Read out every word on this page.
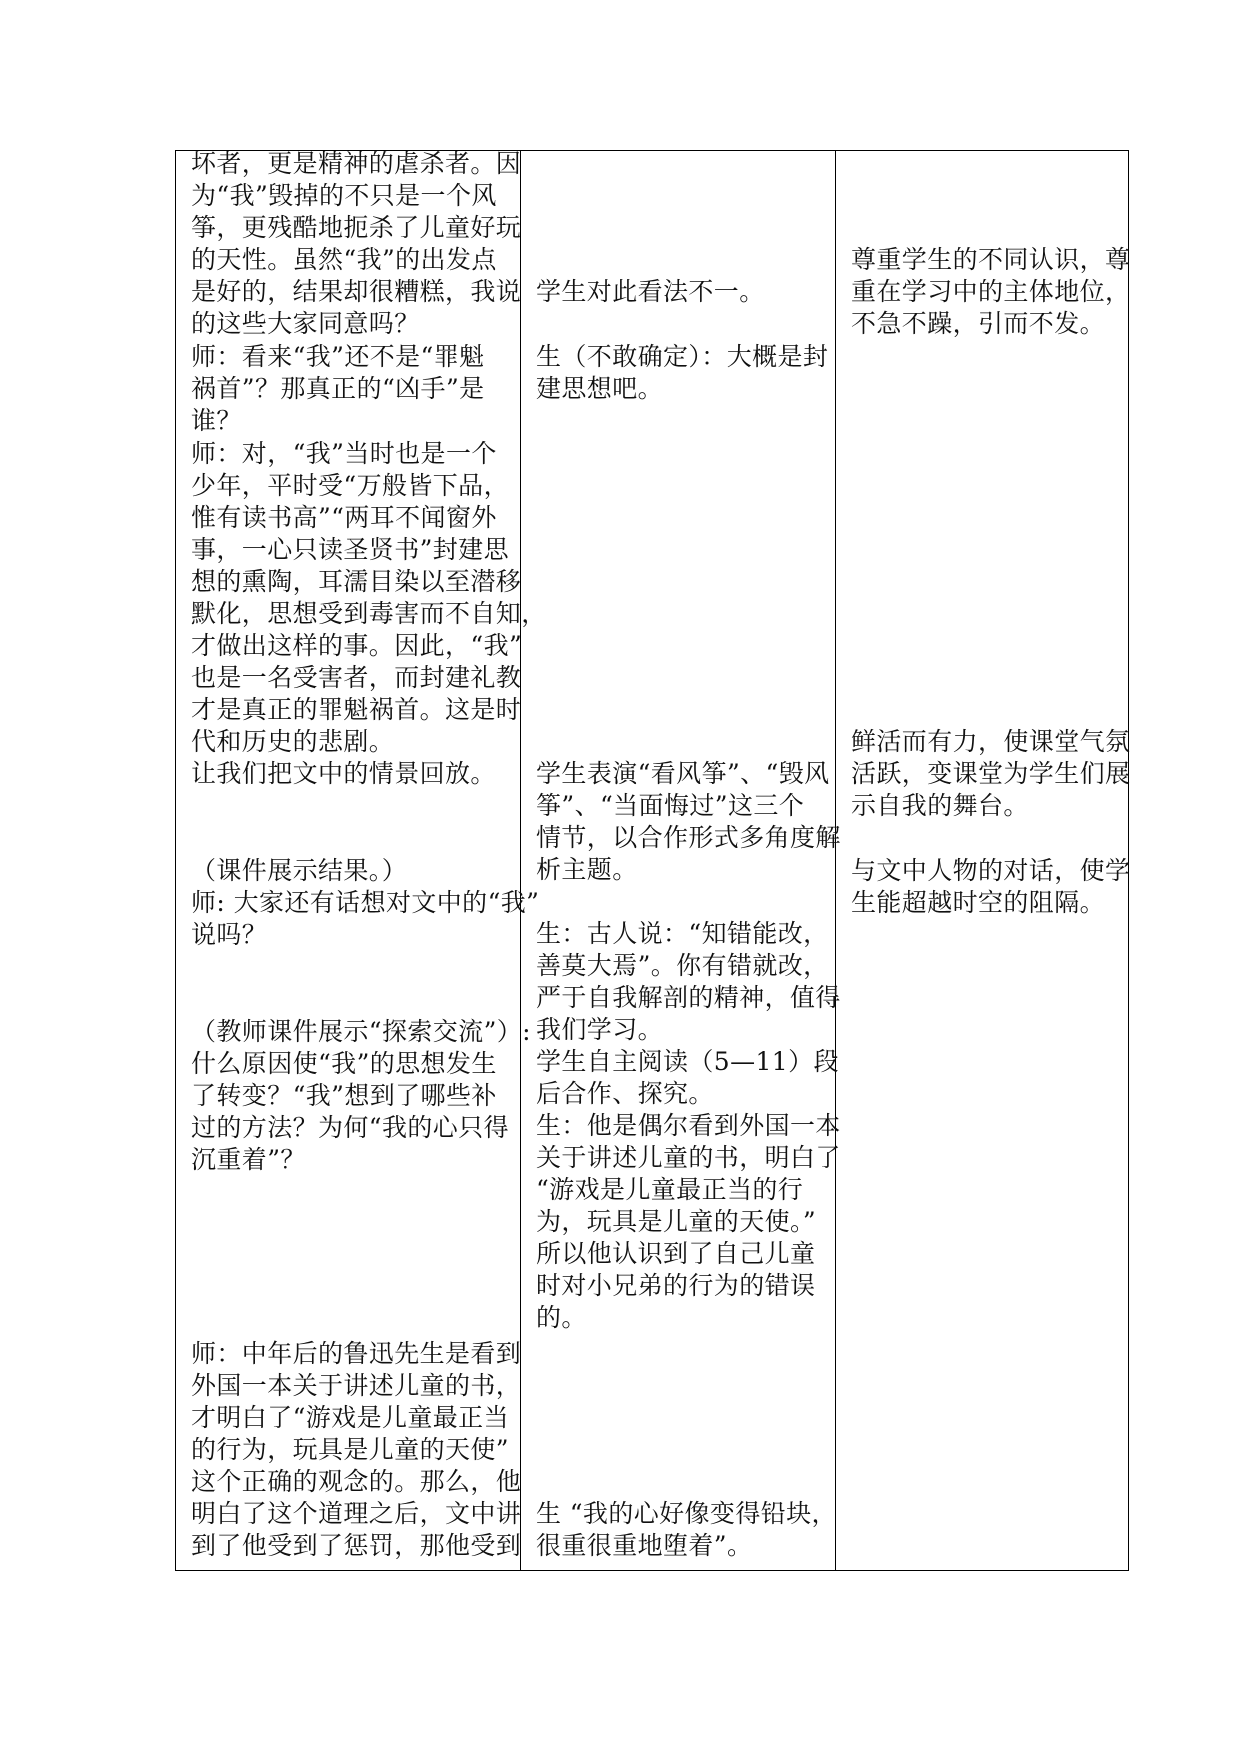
坏者，更是精神的虐杀者。因
为“我”毁掉的不只是一个风
筝，更残酷地扼杀了儿童好玩
的天性。虽然“我”的出发点
是好的，结果却很糟糕，我说
的这些大家同意吗？
师：看来“我”还不是“罪魁
祸首”？那真正的“凶手”是
谁？
师：对，“我”当时也是一个
少年，平时受“万般皆下品，
惟有读书高”“两耳不闻窗外
事，一心只读圣贤书”封建思
想的熏陶，耳濡目染以至潜移
默化，思想受到毒害而不自知，
才做出这样的事。因此，“我”
也是一名受害者，而封建礼教
才是真正的罪魁祸首。这是时
代和历史的悲剧。
让我们把文中的情景回放。
（课件展示结果。）
师: 大家还有话想对文中的“我”
说吗？
（教师课件展示“探索交流”）:
什么原因使“我”的思想发生
了转变？“我”想到了哪些补
过的方法？为何“我的心只得
沉重着”？
师：中年后的鲁迅先生是看到
外国一本关于讲述儿童的书，
才明白了“游戏是儿童最正当
的行为，玩具是儿童的天使”
这个正确的观念的。那么，他
明白了这个道理之后，文中讲
到了他受到了惩罚，那他受到
学生对此看法不一。
生（不敢确定）：大概是封
建思想吧。
学生表演“看风筝”、“毁风
筝”、“当面悔过”这三个
情节，以合作形式多角度解
析主题。
生：古人说：“知错能改，
善莫大焉”。你有错就改，
严于自我解剖的精神，值得
我们学习。
学生自主阅读（5—11）段
后合作、探究。
生：他是偶尔看到外国一本
关于讲述儿童的书，明白了
“游戏是儿童最正当的行
为，玩具是儿童的天使。”
所以他认识到了自己儿童
时对小兄弟的行为的错误
的。
生 “我的心好像变得铅块，
很重很重地堕着”。
尊重学生的不同认识，尊
重在学习中的主体地位，
不急不躁，引而不发。
鲜活而有力，使课堂气氛
活跃，变课堂为学生们展
示自我的舞台。
与文中人物的对话，使学
生能超越时空的阻隔。
